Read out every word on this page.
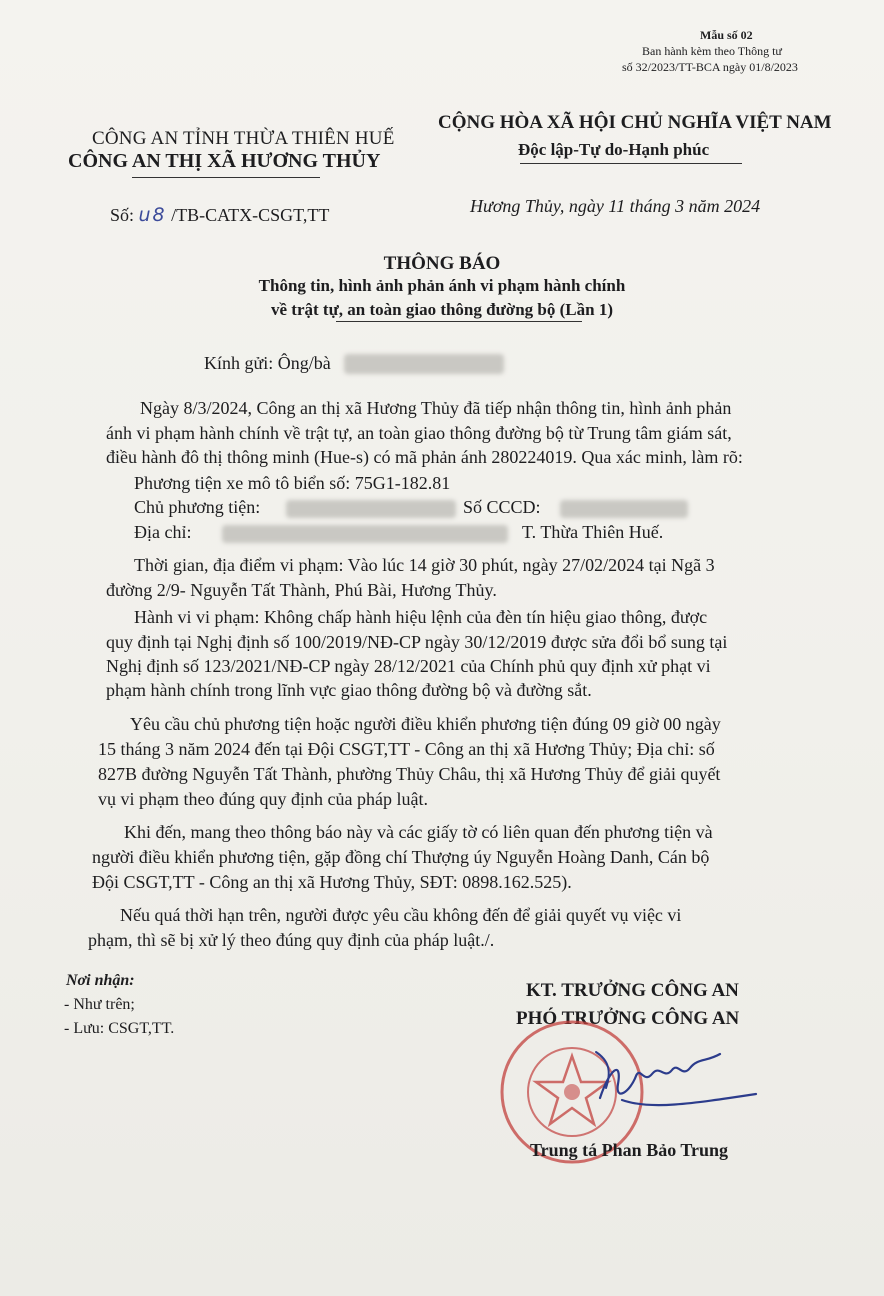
Mẫu số 02
Ban hành kèm theo Thông tư
số 32/2023/TT-BCA ngày 01/8/2023
CÔNG AN TỈNH THỪA THIÊN HUẾ
CÔNG AN THỊ XÃ HƯƠNG THỦY
CỘNG HÒA XÃ HỘI CHỦ NGHĨA VIỆT NAM
Độc lập-Tự do-Hạnh phúc
Số: u8 /TB-CATX-CSGT,TT	Hương Thủy, ngày 11 tháng 3 năm 2024
THÔNG BÁO
Thông tin, hình ảnh phản ánh vi phạm hành chính
về trật tự, an toàn giao thông đường bộ (Lần 1)
Kính gửi: Ông/bà
Ngày 8/3/2024, Công an thị xã Hương Thủy đã tiếp nhận thông tin, hình ảnh phản
ánh vi phạm hành chính về trật tự, an toàn giao thông đường bộ từ Trung tâm giám sát,
điều hành đô thị thông minh (Hue-s) có mã phản ánh 280224019. Qua xác minh, làm rõ:
Phương tiện xe mô tô biển số: 75G1-182.81
Chủ phương tiện:	Số CCCD:
Địa chỉ:	T. Thừa Thiên Huế.
Thời gian, địa điểm vi phạm: Vào lúc 14 giờ 30 phút, ngày 27/02/2024 tại Ngã 3
đường 2/9- Nguyễn Tất Thành, Phú Bài, Hương Thủy.
Hành vi vi phạm: Không chấp hành hiệu lệnh của đèn tín hiệu giao thông, được
quy định tại Nghị định số 100/2019/NĐ-CP ngày 30/12/2019 được sửa đổi bổ sung tại
Nghị định số 123/2021/NĐ-CP ngày 28/12/2021 của Chính phủ quy định xử phạt vi
phạm hành chính trong lĩnh vực giao thông đường bộ và đường sắt.
Yêu cầu chủ phương tiện hoặc người điều khiển phương tiện đúng 09 giờ 00 ngày
15 tháng 3 năm 2024 đến tại Đội CSGT,TT - Công an thị xã Hương Thủy; Địa chỉ: số
827B đường Nguyễn Tất Thành, phường Thủy Châu, thị xã Hương Thủy để giải quyết
vụ vi phạm theo đúng quy định của pháp luật.
Khi đến, mang theo thông báo này và các giấy tờ có liên quan đến phương tiện và
người điều khiển phương tiện, gặp đồng chí Thượng úy Nguyễn Hoàng Danh, Cán bộ
Đội CSGT,TT - Công an thị xã Hương Thủy, SĐT: 0898.162.525).
Nếu quá thời hạn trên, người được yêu cầu không đến để giải quyết vụ việc vi
phạm, thì sẽ bị xử lý theo đúng quy định của pháp luật./.
Nơi nhận:
- Như trên;
- Lưu: CSGT,TT.
KT. TRƯỞNG CÔNG AN
PHÓ TRƯỞNG CÔNG AN
Trung tá Phan Bảo Trung
